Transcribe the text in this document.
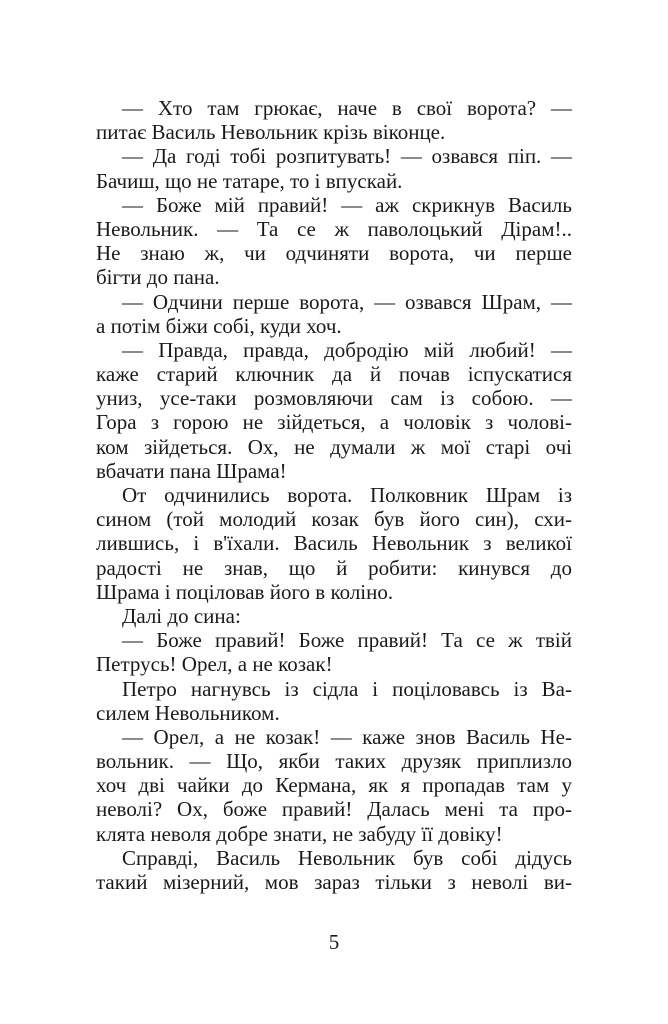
— Хто там грюкає, наче в свої ворота? —
питає Василь Невольник крізь віконце.
— Да годі тобі розпитувать! — озвався піп. —
Бачиш, що не татаре, то і впускай.
— Боже мій правий! — аж скрикнув Василь
Невольник. — Та се ж паволоцький Дірам!..
Не знаю ж, чи одчиняти ворота, чи перше
бігти до пана.
— Одчини перше ворота, — озвався Шрам, —
а потім біжи собі, куди хоч.
— Правда, правда, добродію мій любий! —
каже старий ключник да й почав іспускатися
униз, усе-таки розмовляючи сам із собою. —
Гора з горою не зійдеться, а чоловік з чолові-
ком зійдеться. Ох, не думали ж мої старі очі
вбачати пана Шрама!
От одчинились ворота. Полковник Шрам із
сином (той молодий козак був його син), схи-
лившись, і в'їхали. Василь Невольник з великої
радості не знав, що й робити: кинувся до
Шрама і поціловав його в коліно.
Далі до сина:
— Боже правий! Боже правий! Та се ж твій
Петрусь! Орел, а не козак!
Петро нагнувсь із сідла і поціловавсь із Ва-
силем Невольником.
— Орел, а не козак! — каже знов Василь Не-
вольник. — Що, якби таких друзяк приплизло
хоч дві чайки до Кермана, як я пропадав там у
неволі? Ох, боже правий! Далась мені та про-
клята неволя добре знати, не забуду її довіку!
Справді, Василь Невольник був собі дідусь
такий мізерний, мов зараз тільки з неволі ви-
5
